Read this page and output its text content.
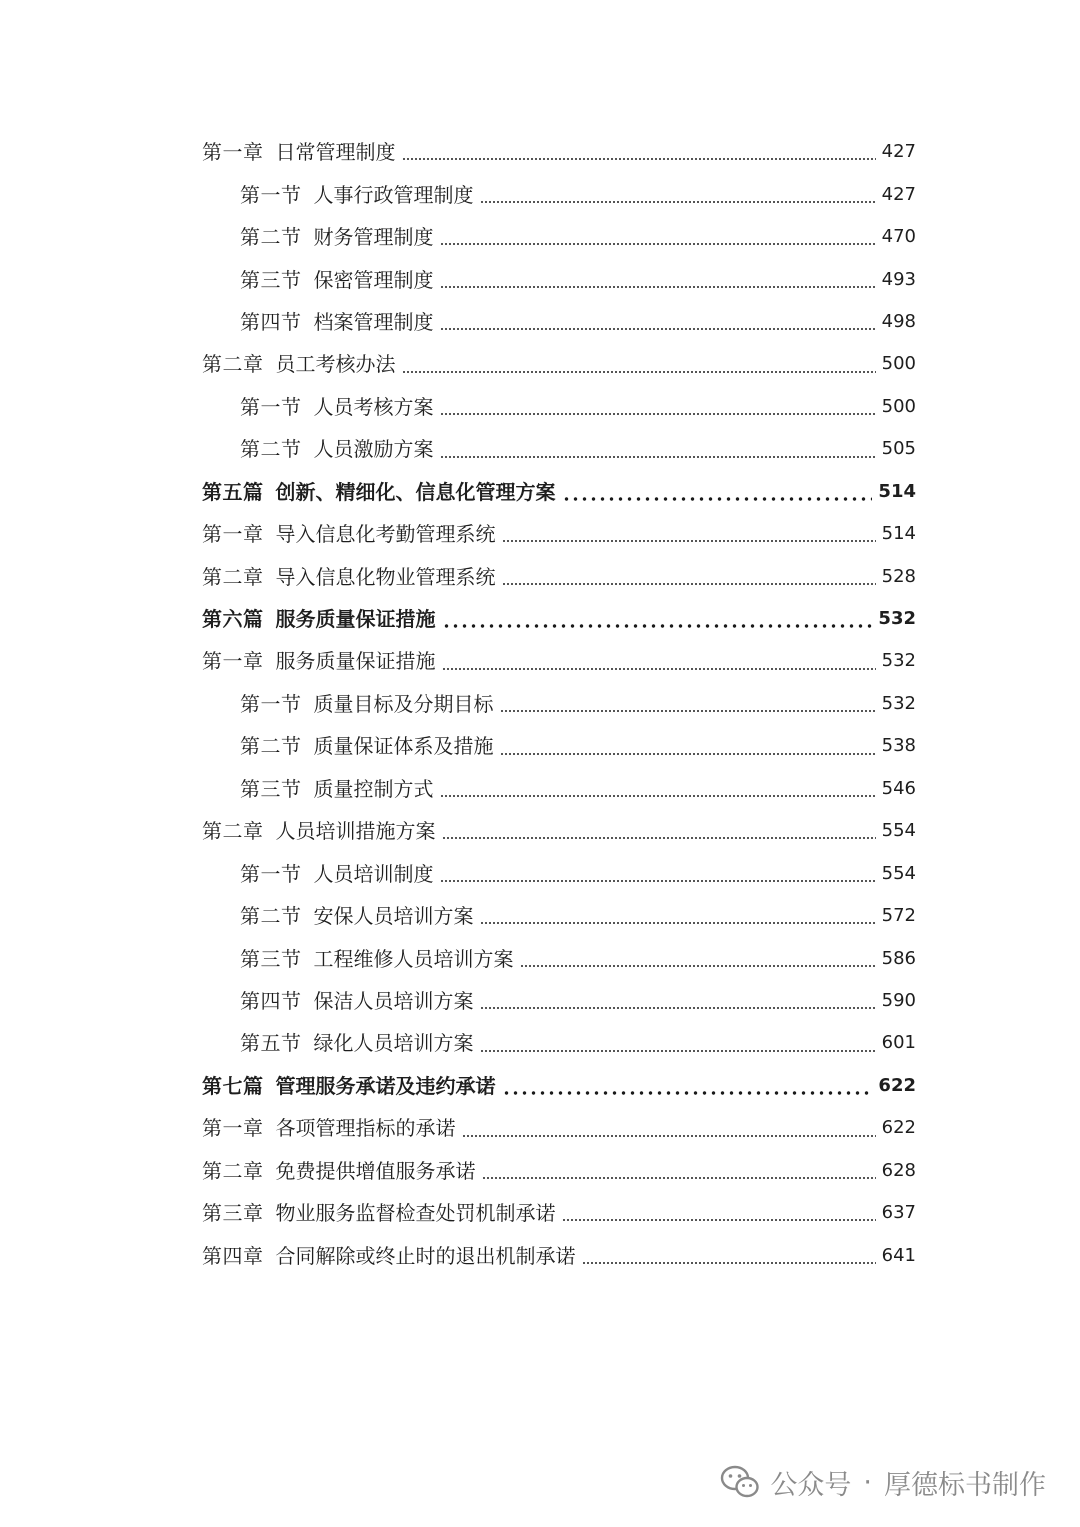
第一章 日常管理制度	427
第一节 人事行政管理制度	427
第二节 财务管理制度	470
第三节 保密管理制度	493
第四节 档案管理制度	498
第二章 员工考核办法	500
第一节 人员考核方案	500
第二节 人员激励方案	505
第五篇 创新、精细化、信息化管理方案	514
第一章 导入信息化考勤管理系统	514
第二章 导入信息化物业管理系统	528
第六篇 服务质量保证措施	532
第一章 服务质量保证措施	532
第一节 质量目标及分期目标	532
第二节 质量保证体系及措施	538
第三节 质量控制方式	546
第二章 人员培训措施方案	554
第一节 人员培训制度	554
第二节 安保人员培训方案	572
第三节 工程维修人员培训方案	586
第四节 保洁人员培训方案	590
第五节 绿化人员培训方案	601
第七篇 管理服务承诺及违约承诺	622
第一章 各项管理指标的承诺	622
第二章 免费提供增值服务承诺	628
第三章 物业服务监督检查处罚机制承诺	637
第四章 合同解除或终止时的退出机制承诺	641
公众号 · 厚德标书制作
